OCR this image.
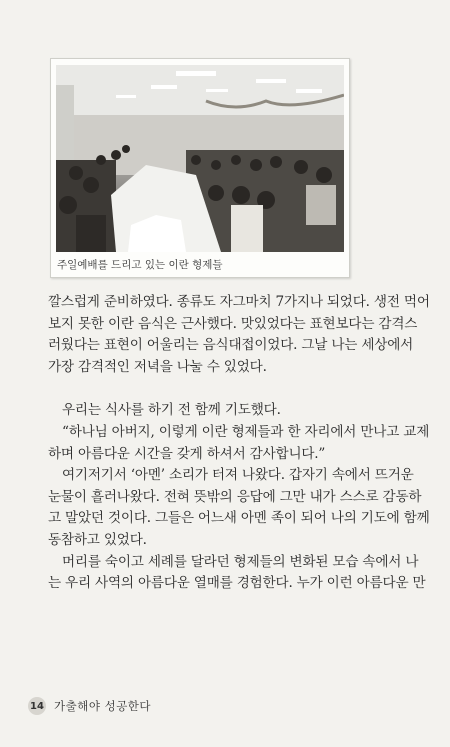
주일예배를 드리고 있는 이란 형제들

깔스럽게 준비하였다. 종류도 자그마치 7가지나 되었다. 생전 먹어

보지 못한 이란 음식은 근사했다. 맛있었다는 표현보다는 감격스

러웠다는 표현이 어울리는 음식대접이었다. 그날 나는 세상에서

가장 감격적인 저녁을 나눌 수 있었다.

우리는 식사를 하기 전 함께 기도했다.

“하나님 아버지, 이렇게 이란 형제들과 한 자리에서 만나고 교제

하며 아름다운 시간을 갖게 하셔서 감사합니다.”

여기저기서 ‘아멘’ 소리가 터져 나왔다. 갑자기 속에서 뜨거운

눈물이 흘러나왔다. 전혀 뜻밖의 응답에 그만 내가 스스로 감동하

고 말았던 것이다. 그들은 어느새 아멘 족이 되어 나의 기도에 함께

동참하고 있었다.

머리를 숙이고 세례를 달라던 형제들의 변화된 모습 속에서 나

는 우리 사역의 아름다운 열매를 경험한다. 누가 이런 아름다운 만

14 가출해야 성공한다
